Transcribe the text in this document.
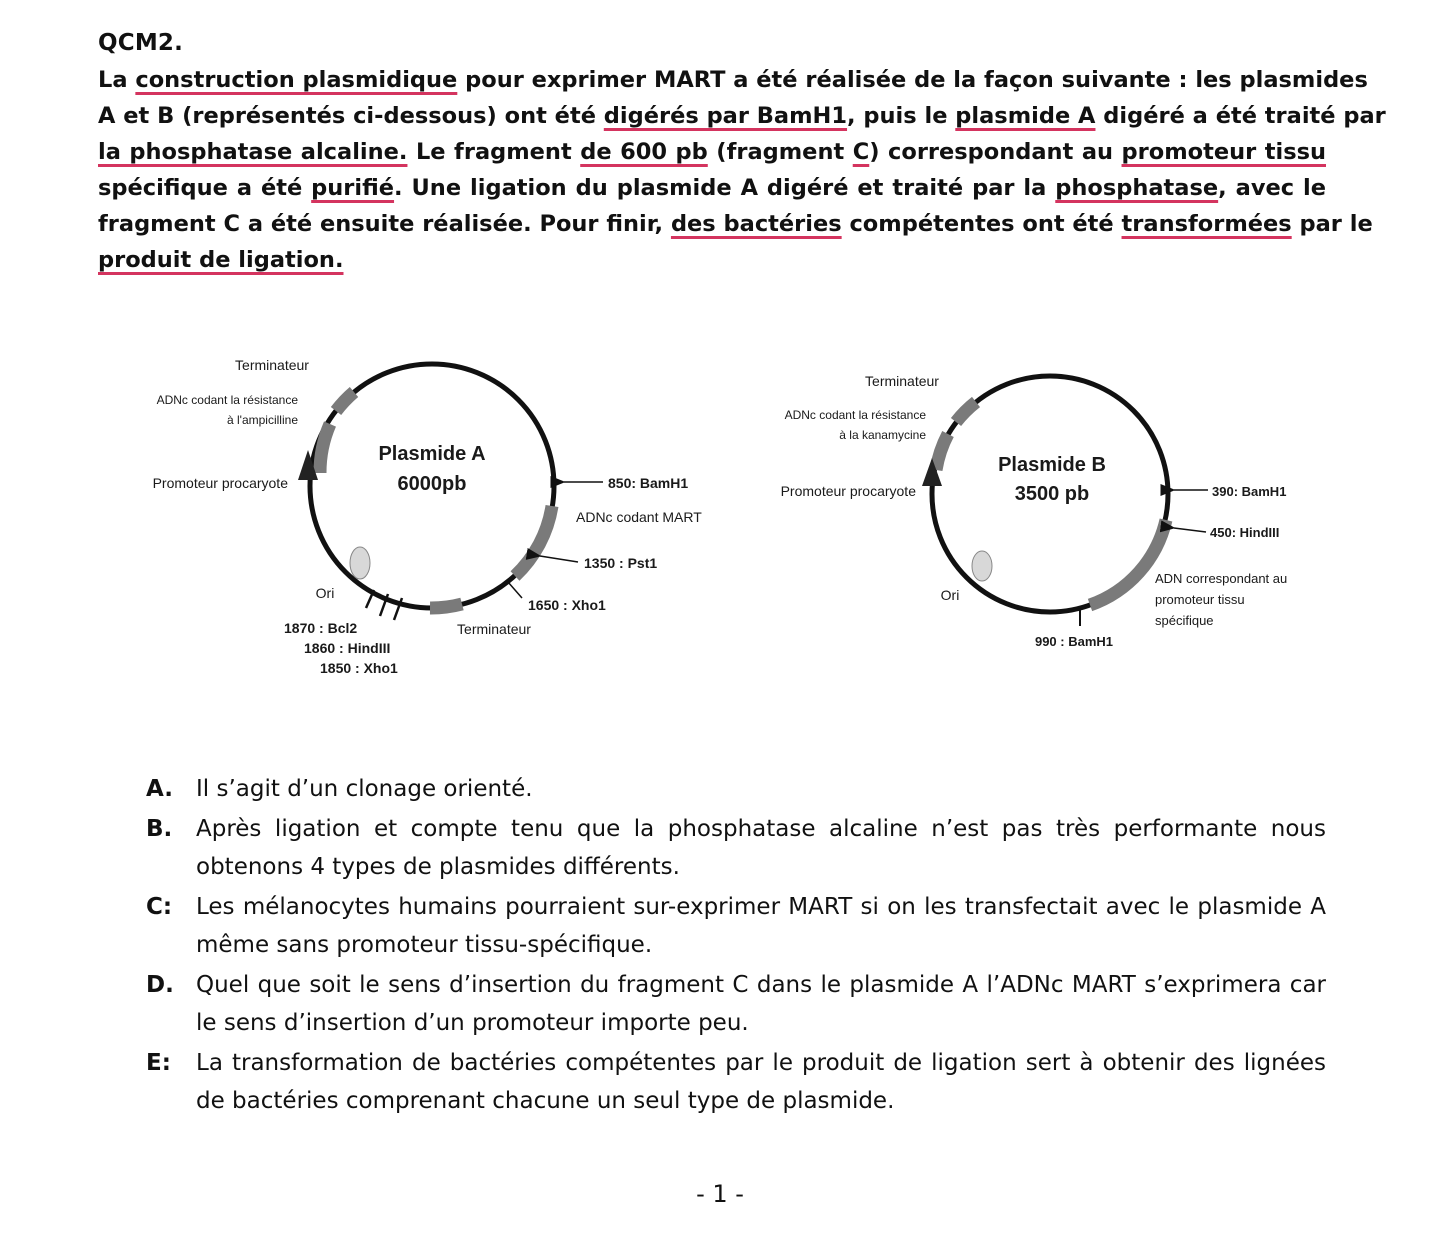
QCM2.
La construction plasmidique pour exprimer MART a été réalisée de la façon suivante : les plasmides
A et B (représentés ci-dessous) ont été digérés par BamH1, puis le plasmide A digéré a été traité par
la phosphatase alcaline. Le fragment de 600 pb (fragment C) correspondant au promoteur tissu
spécifique a été purifié. Une ligation du plasmide A digéré et traité par la phosphatase, avec le
fragment C a été ensuite réalisée. Pour finir, des bactéries compétentes ont été transformées par le
produit de ligation.
Plasmide A
6000pb
Terminateur
ADNc codant la résistance
à l'ampicilline
Promoteur procaryote	850: BamH1
ADNc codant MART
1350 : Pst1
1650 : Xho1
Terminateur
Ori
1870 : Bcl2
1860 : HindIII
1850 : Xho1
Plasmide B
3500 pb
Terminateur
ADNc codant la résistance
à la kanamycine
Promoteur procaryote	390: BamH1
450: HindIII
ADN correspondant au
promoteur tissu
spécifique
Ori
990 : BamH1
A.	Il s’agit d’un clonage orienté.
B.	Après ligation et compte tenu que la phosphatase alcaline n’est pas très performante nous obtenons 4 types de plasmides différents.
C:	Les mélanocytes humains pourraient sur-exprimer MART si on les transfectait avec le plasmide A même sans promoteur tissu-spécifique.
D. Quel que soit le sens d’insertion du fragment C dans le plasmide A l’ADNc MART s’exprimera car le sens d’insertion d’un promoteur importe peu.
E:	La transformation de bactéries compétentes par le produit de ligation sert à obtenir des lignées de bactéries comprenant chacune un seul type de plasmide.
- 1 -
